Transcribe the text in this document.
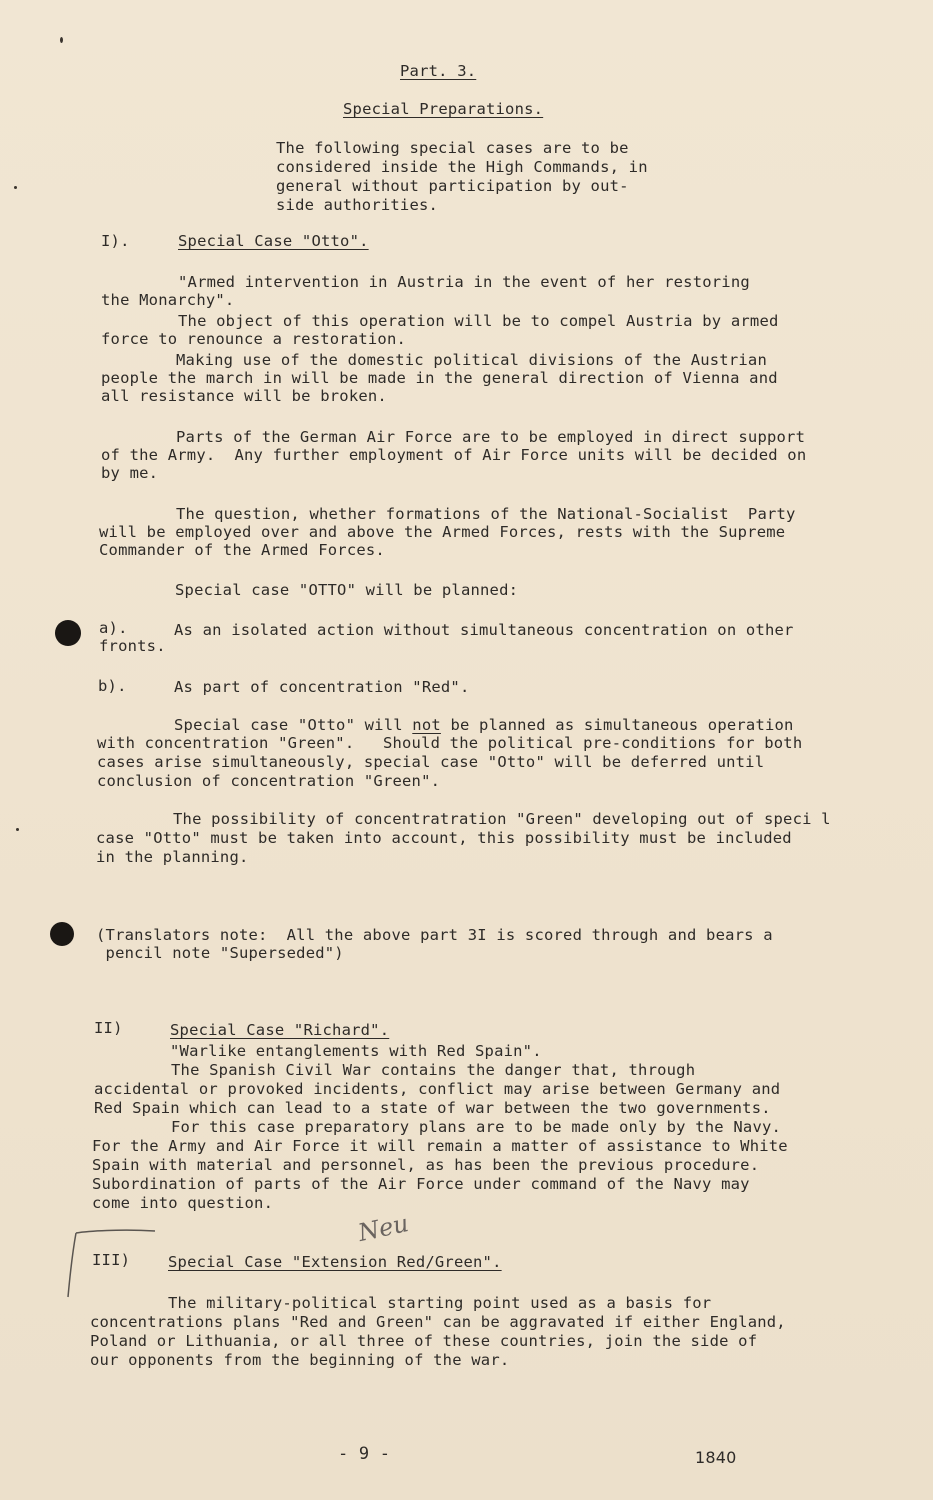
Part. 3.
Special Preparations.
The following special cases are to be
considered inside the High Commands, in
general without participation by out-
side authorities.
I).	Special Case "Otto".
"Armed intervention in Austria in the event of her restoring
the Monarchy".
The object of this operation will be to compel Austria by armed
force to renounce a restoration.
Making use of the domestic political divisions of the Austrian
people the march in will be made in the general direction of Vienna and
all resistance will be broken.
Parts of the German Air Force are to be employed in direct support
of the Army.  Any further employment of Air Force units will be decided on
by me.
The question, whether formations of the National-Socialist  Party
will be employed over and above the Armed Forces, rests with the Supreme
Commander of the Armed Forces.
Special case "OTTO" will be planned:
a).	As an isolated action without simultaneous concentration on other
fronts.
b).	As part of concentration "Red".
Special case "Otto" will not be planned as simultaneous operation
with concentration "Green".   Should the political pre-conditions for both
cases arise simultaneously, special case "Otto" will be deferred until
conclusion of concentration "Green".
The possibility of concentratration "Green" developing out of speci l
case "Otto" must be taken into account, this possibility must be included
in the planning.
(Translators note:  All the above part 3I is scored through and bears a
pencil note "Superseded")
II)	Special Case "Richard".
"Warlike entanglements with Red Spain".
The Spanish Civil War contains the danger that, through
accidental or provoked incidents, conflict may arise between Germany and
Red Spain which can lead to a state of war between the two governments.
For this case preparatory plans are to be made only by the Navy.
For the Army and Air Force it will remain a matter of assistance to White
Spain with material and personnel, as has been the previous procedure.
Subordination of parts of the Air Force under command of the Navy may
come into question.
Neu
III) Special Case "Extension Red/Green".
The military-political starting point used as a basis for
concentrations plans "Red and Green" can be aggravated if either England,
Poland or Lithuania, or all three of these countries, join the side of
our opponents from the beginning of the war.
- 9 -	1840
